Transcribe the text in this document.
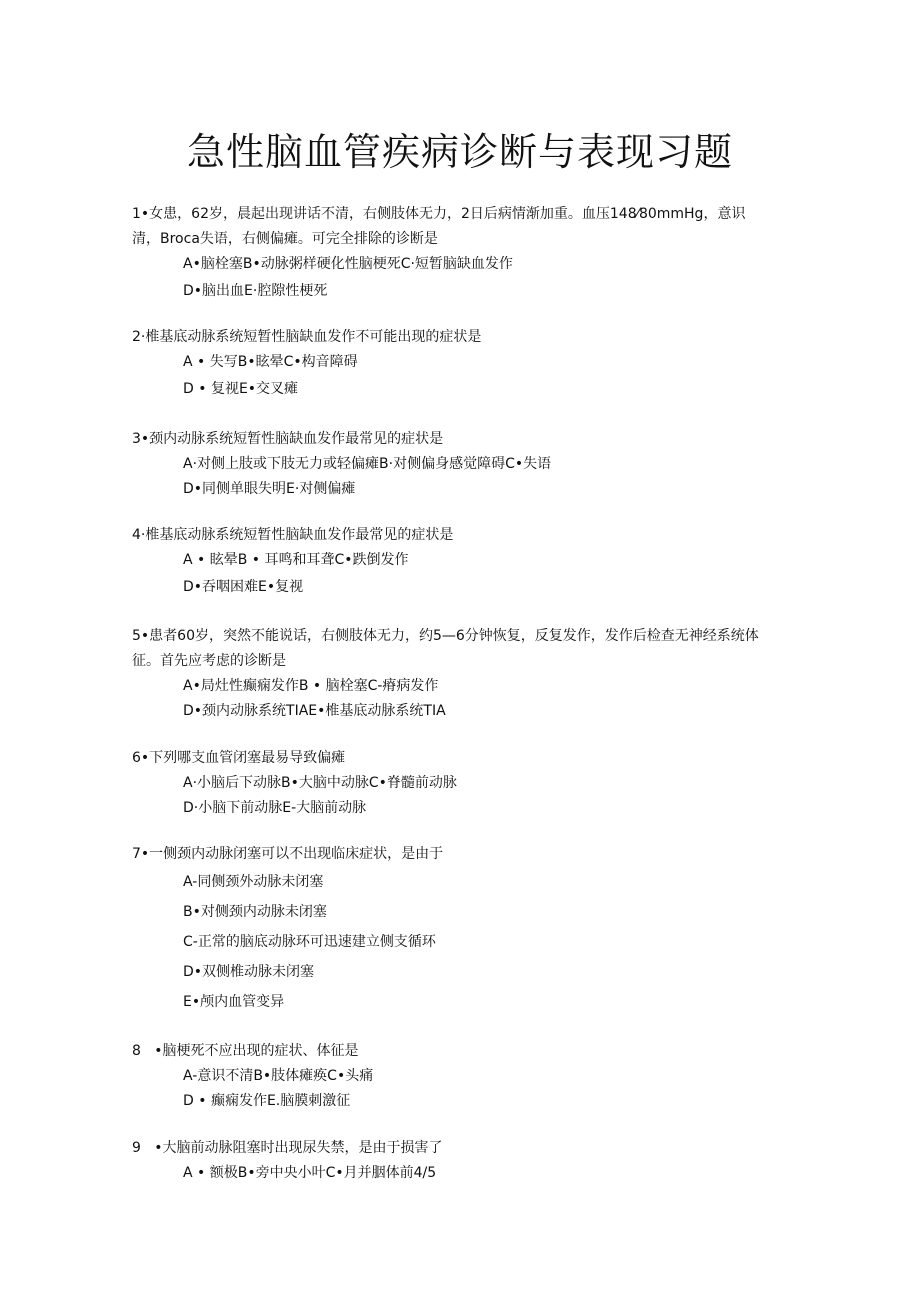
急性脑血管疾病诊断与表现习题
1•女患，62岁，晨起出现讲话不清，右侧肢体无力，2日后病情渐加重。血压148⁄80mmHg，意识清，Broca失语，右侧偏瘫。可完全排除的诊断是
A•脑栓塞B•动脉粥样硬化性脑梗死C·短暂脑缺血发作
D•脑出血E·腔隙性梗死
2·椎基底动脉系统短暂性脑缺血发作不可能出现的症状是
A • 失写B•眩晕C•构音障碍
D • 复视E•交叉瘫
3•颈内动脉系统短暂性脑缺血发作最常见的症状是
A·对侧上肢或下肢无力或轻偏瘫B·对侧偏身感觉障碍C•失语
D•同侧单眼失明E·对侧偏瘫
4·椎基底动脉系统短暂性脑缺血发作最常见的症状是
A • 眩晕B • 耳鸣和耳聋C•跌倒发作
D•吞咽困难E•复视
5•患者60岁，突然不能说话，右侧肢体无力，约5—6分钟恢复，反复发作，发作后检查无神经系统体征。首先应考虑的诊断是
A•局灶性癫痫发作B • 脑栓塞C-瘠病发作
D•颈内动脉系统TIAE•椎基底动脉系统TIA
6•下列哪支血管闭塞最易导致偏瘫
A·小脑后下动脉B•大脑中动脉C•脊髓前动脉
D·小脑下前动脉E-大脑前动脉
7•一侧颈内动脉闭塞可以不出现临床症状，是由于
A-同侧颈外动脉未闭塞
B•对侧颈内动脉未闭塞
C-正常的脑底动脉环可迅速建立侧支循环
D•双侧椎动脉未闭塞
E•颅内血管变异
8   •脑梗死不应出现的症状、体征是
A-意识不清B•肢体瘫痪C•头痛
D • 癫痫发作E.脑膜刺激征
9   •大脑前动脉阻塞时出现尿失禁，是由于损害了
A • 额极B•旁中央小叶C•月并胭体前4/5
